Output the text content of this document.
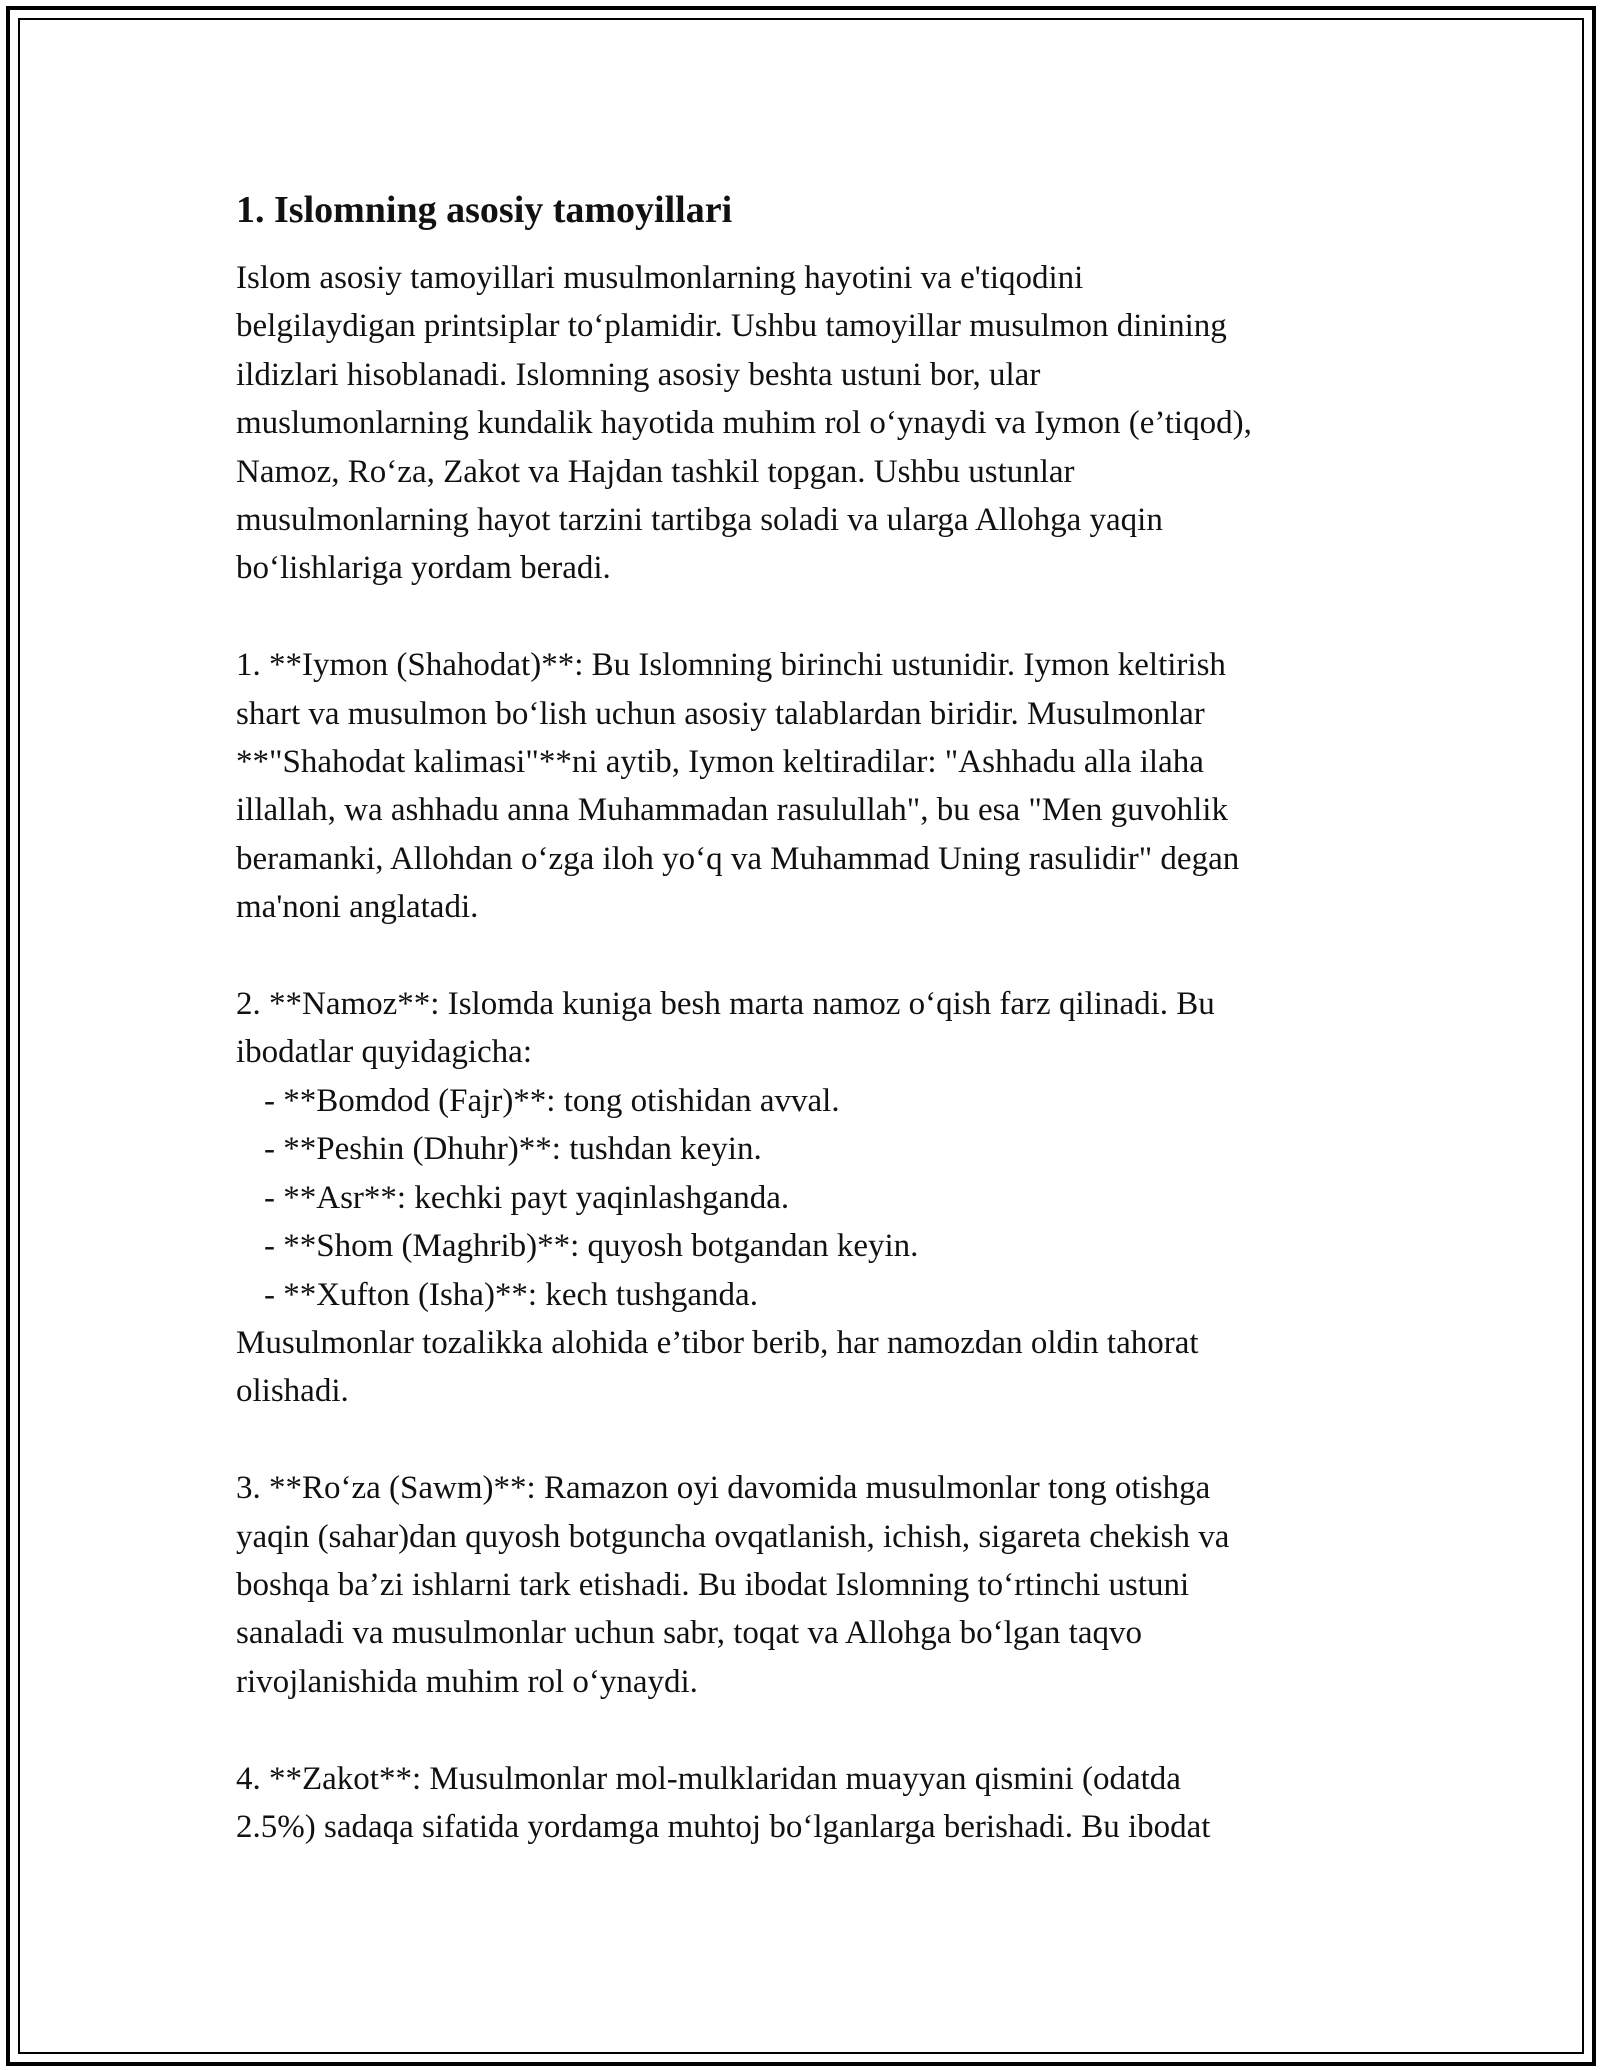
1. Islomning asosiy tamoyillari
Islom asosiy tamoyillari musulmonlarning hayotini va e'tiqodini
belgilaydigan printsiplar to‘plamidir. Ushbu tamoyillar musulmon dinining
ildizlari hisoblanadi. Islomning asosiy beshta ustuni bor, ular
muslumonlarning kundalik hayotida muhim rol o‘ynaydi va Iymon (e’tiqod),
Namoz, Ro‘za, Zakot va Hajdan tashkil topgan. Ushbu ustunlar
musulmonlarning hayot tarzini tartibga soladi va ularga Allohga yaqin
bo‘lishlariga yordam beradi.
1. **Iymon (Shahodat)**: Bu Islomning birinchi ustunidir. Iymon keltirish
shart va musulmon bo‘lish uchun asosiy talablardan biridir. Musulmonlar
**"Shahodat kalimasi"**ni aytib, Iymon keltiradilar: "Ashhadu alla ilaha
illallah, wa ashhadu anna Muhammadan rasulullah", bu esa "Men guvohlik
beramanki, Allohdan o‘zga iloh yo‘q va Muhammad Uning rasulidir" degan
ma'noni anglatadi.
2. **Namoz**: Islomda kuniga besh marta namoz o‘qish farz qilinadi. Bu
ibodatlar quyidagicha:
- **Bomdod (Fajr)**: tong otishidan avval.
- **Peshin (Dhuhr)**: tushdan keyin.
- **Asr**: kechki payt yaqinlashganda.
- **Shom (Maghrib)**: quyosh botgandan keyin.
- **Xufton (Isha)**: kech tushganda.
Musulmonlar tozalikka alohida e’tibor berib, har namozdan oldin tahorat
olishadi.
3. **Ro‘za (Sawm)**: Ramazon oyi davomida musulmonlar tong otishga
yaqin (sahar)dan quyosh botguncha ovqatlanish, ichish, sigareta chekish va
boshqa ba’zi ishlarni tark etishadi. Bu ibodat Islomning to‘rtinchi ustuni
sanaladi va musulmonlar uchun sabr, toqat va Allohga bo‘lgan taqvo
rivojlanishida muhim rol o‘ynaydi.
4. **Zakot**: Musulmonlar mol-mulklaridan muayyan qismini (odatda
2.5%) sadaqa sifatida yordamga muhtoj bo‘lganlarga berishadi. Bu ibodat
